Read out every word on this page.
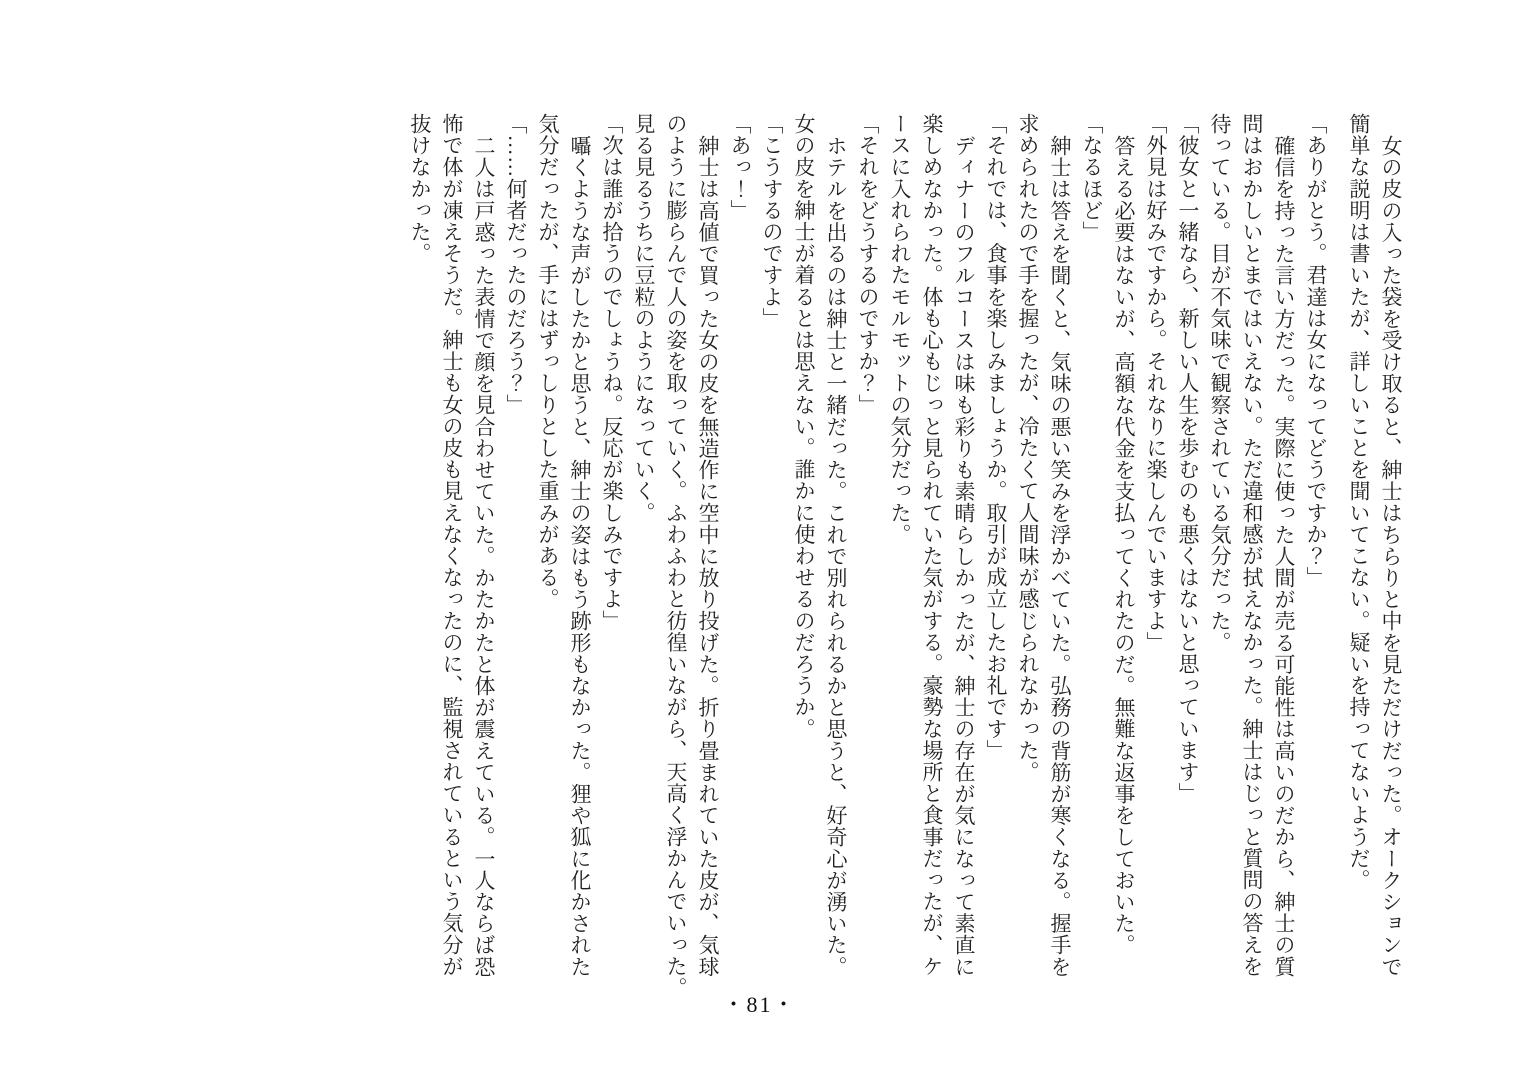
女の皮の入った袋を受け取ると、紳士はちらりと中を見ただけだった。オークションで

簡単な説明は書いたが、詳しいことを聞いてこない。疑いを持ってないようだ。

「ありがとう。君達は女になってどうですか？」

確信を持った言い方だった。実際に使った人間が売る可能性は高いのだから、紳士の質

問はおかしいとまではいえない。ただ違和感が拭えなかった。紳士はじっと質問の答えを

待っている。目が不気味で観察されている気分だった。

「彼女と一緒なら、新しい人生を歩むのも悪くはないと思っています」

「外見は好みですから。それなりに楽しんでいますよ」

答える必要はないが、高額な代金を支払ってくれたのだ。無難な返事をしておいた。

「なるほど」

紳士は答えを聞くと、気味の悪い笑みを浮かべていた。弘務の背筋が寒くなる。握手を

求められたので手を握ったが、冷たくて人間味が感じられなかった。

「それでは、食事を楽しみましょうか。取引が成立したお礼です」

ディナーのフルコースは味も彩りも素晴らしかったが、紳士の存在が気になって素直に

楽しめなかった。体も心もじっと見られていた気がする。豪勢な場所と食事だったが、ケ

ースに入れられたモルモットの気分だった。

「それをどうするのですか？」

ホテルを出るのは紳士と一緒だった。これで別れられるかと思うと、好奇心が湧いた。

女の皮を紳士が着るとは思えない。誰かに使わせるのだろうか。

「こうするのですよ」

「あっ！」

紳士は高値で買った女の皮を無造作に空中に放り投げた。折り畳まれていた皮が、気球

のように膨らんで人の姿を取っていく。ふわふわと彷徨いながら、天高く浮かんでいった。

見る見るうちに豆粒のようになっていく。

「次は誰が拾うのでしょうね。反応が楽しみですよ」

囁くような声がしたかと思うと、紳士の姿はもう跡形もなかった。狸や狐に化かされた

気分だったが、手にはずっしりとした重みがある。

「……何者だったのだろう？」

二人は戸惑った表情で顔を見合わせていた。かたかたと体が震えている。一人ならば恐

怖で体が凍えそうだ。紳士も女の皮も見えなくなったのに、監視されているという気分が

抜けなかった。

・81・
